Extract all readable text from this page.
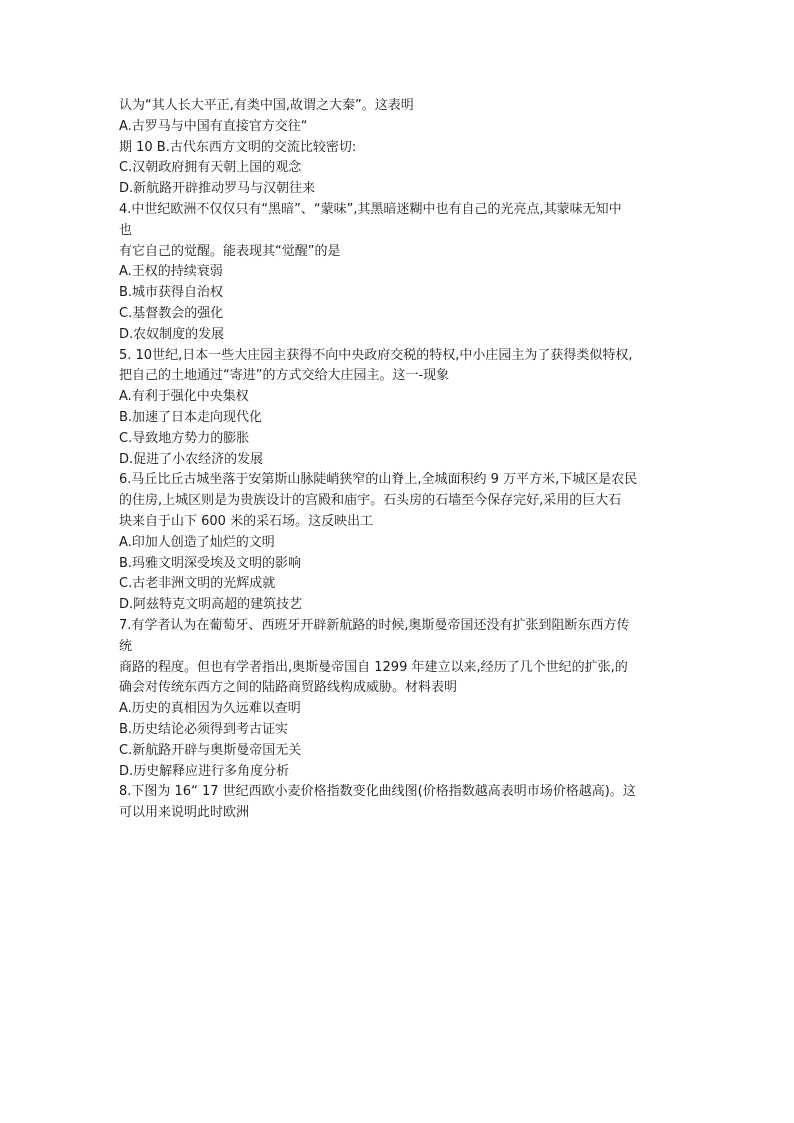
认为“其人长大平正,有类中国,故谓之大秦”。这表明
A.古罗马与中国有直接官方交往“
期 10 B.古代东西方文明的交流比较密切:
C.汉朝政府拥有天朝上国的观念
D.新航路开辟推动罗马与汉朝往来
4.中世纪欧洲不仅仅只有“黑暗”、“蒙味”,其黑暗迷糊中也有自己的光亮点,其蒙味无知中
也
有它自己的觉醒。能表现其“觉醒”的是
A.王权的持续衰弱
B.城市获得自治权
C.基督教会的强化
D.农奴制度的发展
5. 10世纪,日本一些大庄园主获得不向中央政府交税的特权,中小庄园主为了获得类似特权,
把自己的土地通过“寄进”的方式交给大庄园主。这一-现象
A.有利于强化中央集权
B.加速了日本走向现代化
C.导致地方势力的膨胀
D.促进了小农经济的发展
6.马丘比丘古城坐落于安第斯山脉陡峭狭窄的山脊上,全城面积约 9 万平方米,下城区是农民
的住房,上城区则是为贵族设计的宫殿和庙宇。石头房的石墙至今保存完好,采用的巨大石
块来自于山下 600 米的采石场。这反映出工
A.印加人创造了灿烂的文明
B.玛雅文明深受埃及文明的影响
C.古老非洲文明的光辉成就
D.阿兹特克文明高超的建筑技艺
7.有学者认为在葡萄牙、西班牙开辟新航路的时候,奥斯曼帝国还没有扩张到阻断东西方传
统
商路的程度。但也有学者指出,奥斯曼帝国自 1299 年建立以来,经历了几个世纪的扩张,的
确会对传统东西方之间的陆路商贸路线构成威胁。材料表明
A.历史的真相因为久远难以查明
B.历史结论必须得到考古证实
C.新航路开辟与奥斯曼帝国无关
D.历史解释应进行多角度分析
8.下图为 16“ 17 世纪西欧小麦价格指数变化曲线图(价格指数越高表明市场价格越高)。这
可以用来说明此时欧洲
